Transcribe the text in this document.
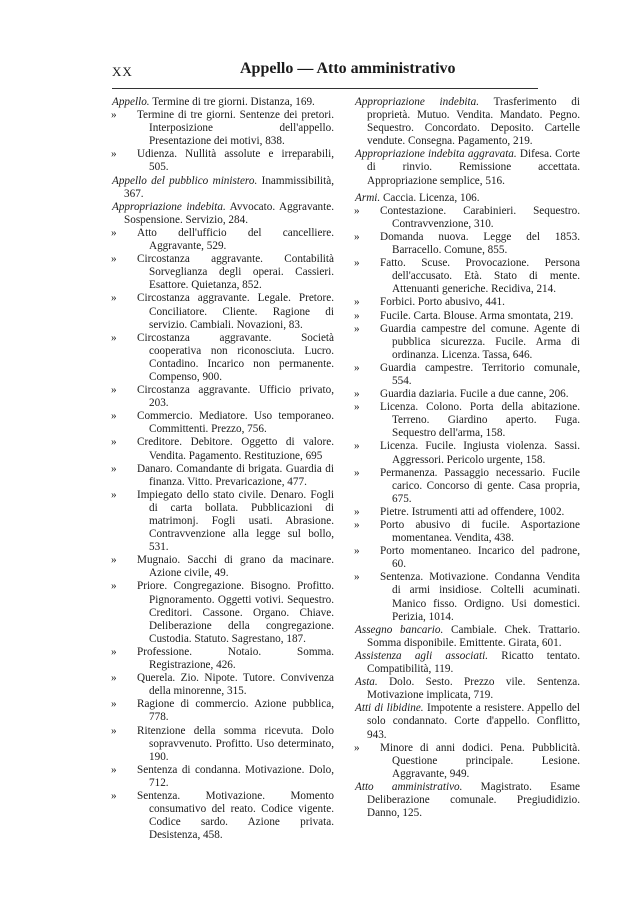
XX	Appello — Atto amministrativo
Appello. Termine di tre giorni. Distanza, 169.
» Termine di tre giorni. Sentenze dei pretori. Interposizione dell'appello. Presentazione dei motivi, 838.
» Udienza. Nullità assolute e irreparabili, 505.
Appello del pubblico ministero. Inammissibilità, 367.
Appropriazione indebita. Avvocato. Aggravante. Sospensione. Servizio, 284.
» Atto dell'ufficio del cancelliere. Aggravante, 529.
» Circostanza aggravante. Contabilità Sorveglianza degli operai. Cassieri. Esattore. Quietanza, 852.
» Circostanza aggravante. Legale. Pretore. Conciliatore. Cliente. Ragione di servizio. Cambiali. Novazioni, 83.
» Circostanza aggravante. Società cooperativa non riconosciuta. Lucro. Contadino. Incarico non permanente. Compenso, 900.
» Circostanza aggravante. Ufficio privato, 203.
» Commercio. Mediatore. Uso temporaneo. Committenti. Prezzo, 756.
» Creditore. Debitore. Oggetto di valore. Vendita. Pagamento. Restituzione, 695
» Danaro. Comandante di brigata. Guardia di finanza. Vitto. Prevaricazione, 477.
» Impiegato dello stato civile. Denaro. Fogli di carta bollata. Pubblicazioni di matrimonj. Fogli usati. Abrasione. Contravvenzione alla legge sul bollo, 531.
» Mugnaio. Sacchi di grano da macinare. Azione civile, 49.
» Priore. Congregazione. Bisogno. Profitto. Pignoramento. Oggetti votivi. Sequestro. Creditori. Cassone. Organo. Chiave. Deliberazione della congregazione. Custodia. Statuto. Sagrestano, 187.
» Professione. Notaio. Somma. Registrazione, 426.
» Querela. Zio. Nipote. Tutore. Convivenza della minorenne, 315.
» Ragione di commercio. Azione pubblica, 778.
» Ritenzione della somma ricevuta. Dolo sopravvenuto. Profitto. Uso determinato, 190.
» Sentenza di condanna. Motivazione. Dolo, 712.
» Sentenza. Motivazione. Momento consumativo del reato. Codice vigente. Codice sardo. Azione privata. Desistenza, 458.
Appropriazione indebita. Trasferimento di proprietà. Mutuo. Vendita. Mandato. Pegno. Sequestro. Concordato. Deposito. Cartelle vendute. Consegna. Pagamento, 219.
Appropriazione indebita aggravata. Difesa. Corte di rinvio. Remissione accettata. Appropriazione semplice, 516.
Armi. Caccia. Licenza, 106.
» Contestazione. Carabinieri. Sequestro. Contravvenzione, 310.
» Domanda nuova. Legge del 1853. Barracello. Comune, 855.
» Fatto. Scuse. Provocazione. Persona dell'accusato. Età. Stato di mente. Attenuanti generiche. Recidiva, 214.
» Forbici. Porto abusivo, 441.
» Fucile. Carta. Blouse. Arma smontata, 219.
» Guardia campestre del comune. Agente di pubblica sicurezza. Fucile. Arma di ordinanza. Licenza. Tassa, 646.
» Guardia campestre. Territorio comunale, 554.
» Guardia daziaria. Fucile a due canne, 206.
» Licenza. Colono. Porta della abitazione. Terreno. Giardino aperto. Fuga. Sequestro dell'arma, 158.
» Licenza. Fucile. Ingiusta violenza. Sassi. Aggressori. Pericolo urgente, 158.
» Permanenza. Passaggio necessario. Fucile carico. Concorso di gente. Casa propria, 675.
» Pietre. Istrumenti atti ad offendere, 1002.
» Porto abusivo di fucile. Asportazione momentanea. Vendita, 438.
» Porto momentaneo. Incarico del padrone, 60.
» Sentenza. Motivazione. Condanna Vendita di armi insidiose. Coltelli acuminati. Manico fisso. Ordigno. Usi domestici. Perizia, 1014.
Assegno bancario. Cambiale. Chek. Trattario. Somma disponibile. Emittente. Girata, 601.
Assistenza agli associati. Ricatto tentato. Compatibilità, 119.
Asta. Dolo. Sesto. Prezzo vile. Sentenza. Motivazione implicata, 719.
Atti di libidine. Impotente a resistere. Appello del solo condannato. Corte d'appello. Conflitto, 943.
» Minore di anni dodici. Pena. Pubblicità. Questione principale. Lesione. Aggravante, 949.
Atto amministrativo. Magistrato. Esame Deliberazione comunale. Pregiudidizio. Danno, 125.
